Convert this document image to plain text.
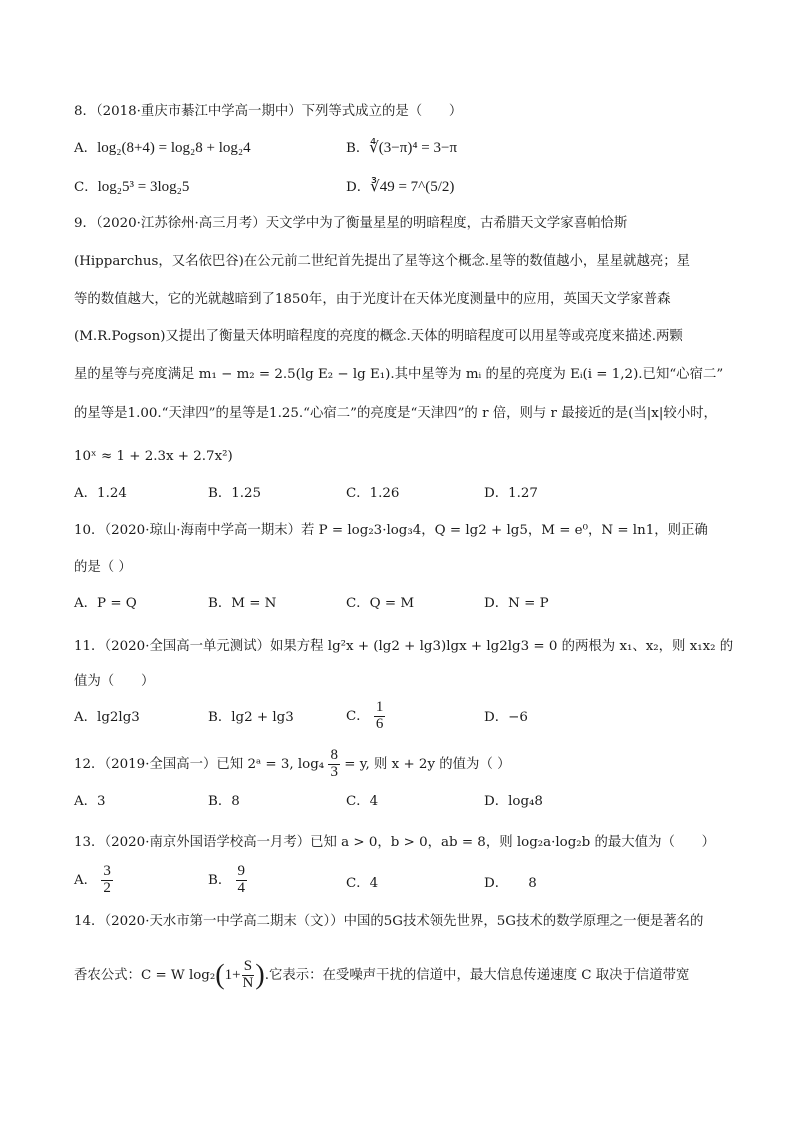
8．（2018·重庆市綦江中学高一期中）下列等式成立的是（　　）
A．log₂(8+4) = log₂8 + log₂4	B．∜(3−π)⁴ = 3−π
C．log₂5³ = 3log₂5	D．∛49 = 7^(5/2)
9．（2020·江苏徐州·高三月考）天文学中为了衡量星星的明暗程度，古希腊天文学家喜帕恰斯
(Hipparchus，又名依巴谷)在公元前二世纪首先提出了星等这个概念.星等的数值越小，星星就越亮；星
等的数值越大，它的光就越暗到了1850年，由于光度计在天体光度测量中的应用，英国天文学家普森
(M.R.Pogson)又提出了衡量天体明暗程度的亮度的概念.天体的明暗程度可以用星等或亮度来描述.两颗
星的星等与亮度满足 m₁ − m₂ = 2.5(lg E₂ − lg E₁).其中星等为 mᵢ 的星的亮度为 Eᵢ(i = 1,2).已知“心宿二”
的星等是1.00.“天津四”的星等是1.25.“心宿二”的亮度是“天津四”的 r 倍，则与 r 最接近的是(当|x|较小时，
10ˣ ≈ 1 + 2.3x + 2.7x²)
A．1.24	B．1.25	C．1.26	D．1.27
10．（2020·琼山·海南中学高一期末）若 P = log₂3·log₃4，Q = lg2 + lg5，M = e⁰，N = ln1，则正确
的是（ ）
A．P = Q	B．M = N	C．Q = M	D．N = P
11．（2020·全国高一单元测试）如果方程 lg²x + (lg2 + lg3)lgx + lg2lg3 = 0 的两根为 x₁、x₂，则 x₁x₂ 的
值为（　　）
A．lg2lg3	B．lg2 + lg3	C． $\frac{1}{6}$	D．−6
12．（2019·全国高一）已知 2ᵃ = 3, $\log_4 \frac{8}{3} = y$, 则 x + 2y 的值为（ ）
A．3	B．8	C．4	D．log₄8
13．（2020·南京外国语学校高一月考）已知 a > 0，b > 0，ab = 8，则 log₂a·log₂b 的最大值为（　　）
A． $\frac{3}{2}$	B． $\frac{9}{4}$	C．4	D．　　8
14．（2020·天水市第一中学高二期末（文））中国的5G技术领先世界，5G技术的数学原理之一便是著名的
香农公式：C = W $\log_2(1+ \frac{S}{N}$ ).它表示：在受噪声干扰的信道中，最大信息传递速度 C 取决于信道带宽
